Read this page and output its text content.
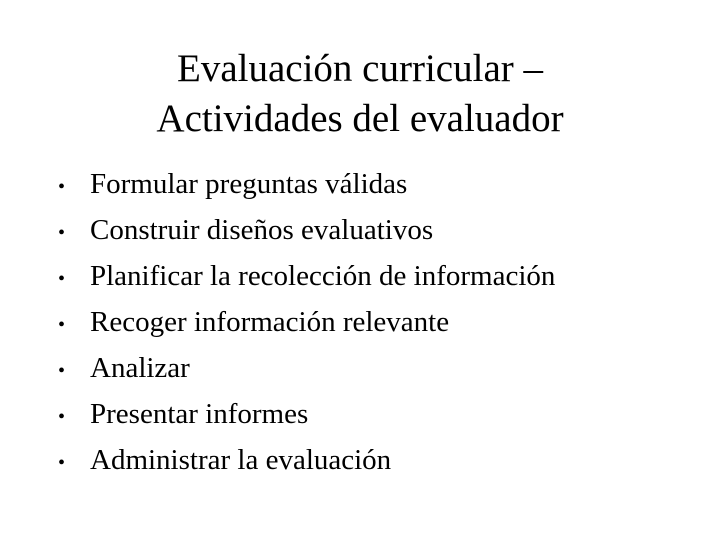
Evaluación curricular –
Actividades del evaluador
• Formular preguntas válidas
• Construir diseños evaluativos
• Planificar la recolección de información
• Recoger información relevante
• Analizar
• Presentar informes
• Administrar la evaluación
